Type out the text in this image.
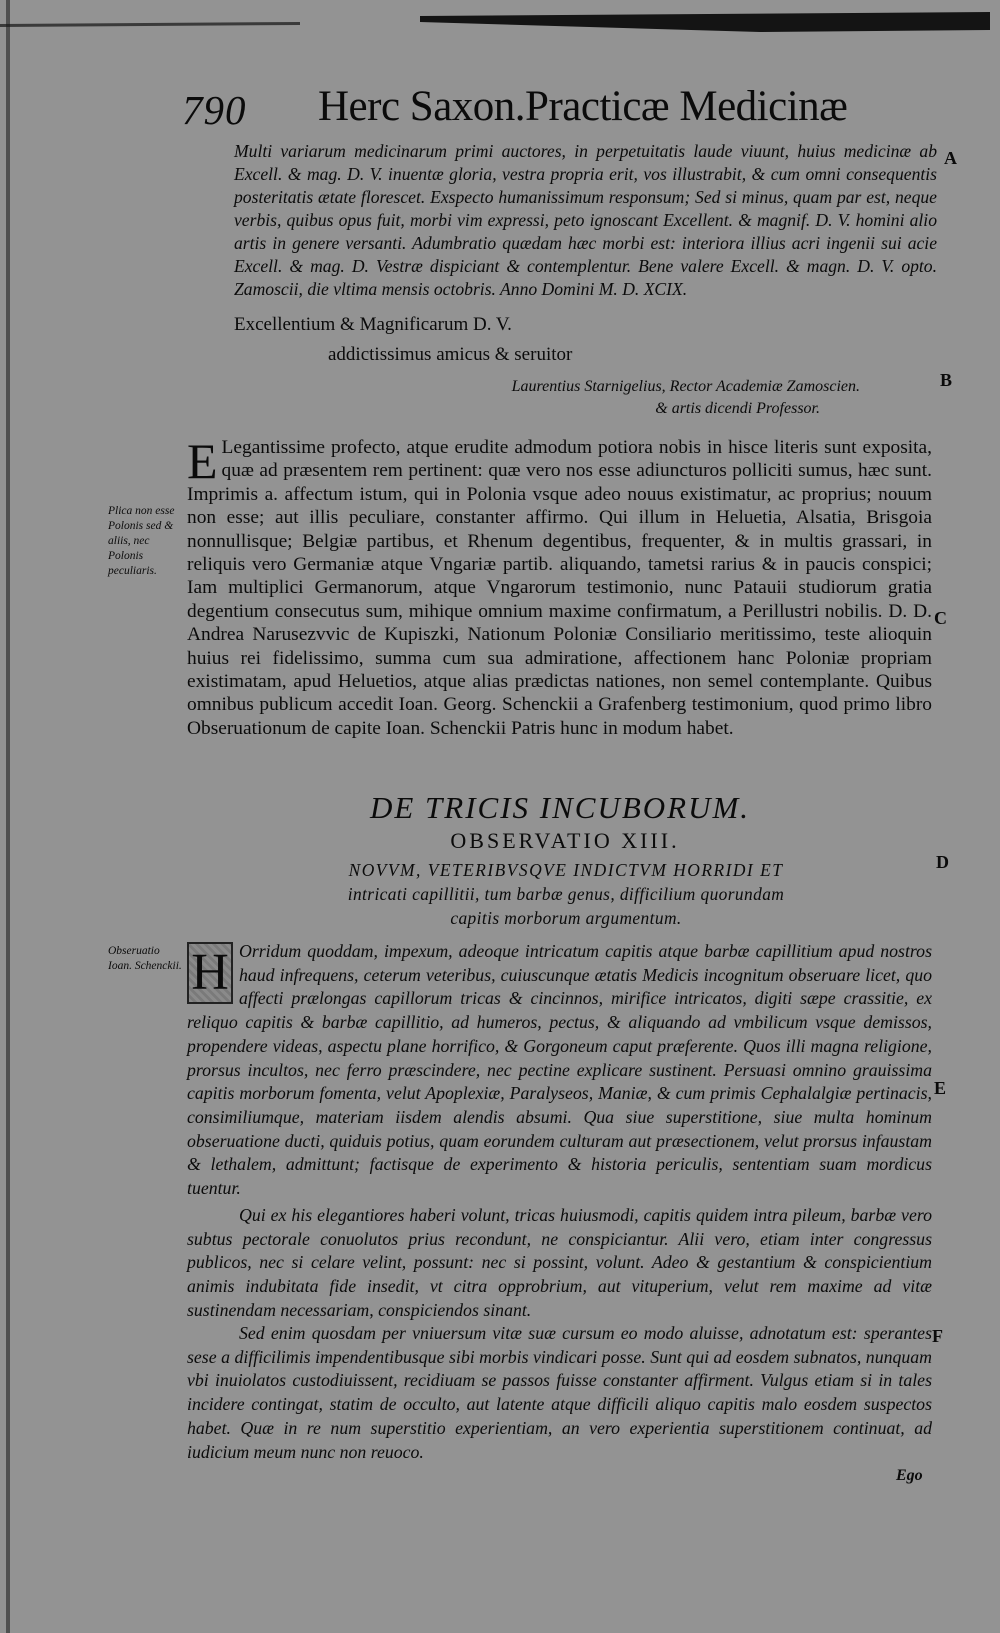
790 Herc Saxon.Practicæ Medicinæ

Multi variarum medicinarum primi auctores, in perpetuitatis laude viuunt, huius medicinæ ab Excell. & mag. D. V. inuentæ gloria, vestra propria erit, vos illustrabit, & cum omni consequentis posteritatis ætate florescet. Exspecto humanissimum responsum; Sed si minus, quam par est, neque verbis, quibus opus fuit, morbi vim expressi, peto ignoscant Excellent. & magnif. D. V. homini alio artis in genere versanti. Adumbratio quædam hæc morbi est: interiora illius acri ingenii sui acie Excell. & mag. D. Vestræ dispiciant & contemplentur. Bene valere Excell. & magn. D. V. opto. Zamoscii, die vltima mensis octobris. Anno Domini M. D. XCIX.

Excellentium & Magnificarum D. V.
addictissimus amicus & seruitor
Laurentius Starnigelius, Rector Academiæ Zamoscien.
& artis dicendi Professor.
E Legantissime profecto, atque erudite admodum potiora nobis in hisce literis sunt exposita, quæ ad præsentem rem pertinent: quæ vero nos esse adiuncturos polliciti sumus, hæc sunt. Imprimis a. affectum istum, qui in Polonia vsque adeo nouus existimatur, ac proprius; nouum non esse; aut illis peculiare, constanter affirmo. Qui illum in Heluetia, Alsatia, Brisgoia nonnullisque; Belgiæ partibus, et Rhenum degentibus, frequenter, & in multis grassari, in reliquis vero Germaniæ atque Vngariæ partib. aliquando, tametsi rarius & in paucis conspici; Iam multiplici Germanorum, atque Vngarorum testimonio, nunc Patauii studiorum gratia degentium consecutus sum, mihique omnium maxime confirmatum, a Perillustri nobilis. D. D. Andrea Narusezvvic de Kupiszki, Nationum Poloniæ Consiliario meritissimo, teste alioquin huius rei fidelissimo, summa cum sua admiratione, affectionem hanc Poloniæ propriam existimatam, apud Heluetios, atque alias prædictas nationes, non semel contemplante. Quibus omnibus publicum accedit Ioan. Georg. Schenckii a Grafenberg testimonium, quod primo libro Obseruationum de capite Ioan. Schenckii Patris hunc in modum habet.
Plica non esse Polonis sed & aliis, nec Polonis peculiaris.
Obseruatio Ioan. Schenckii.
A
B
C
D
E
F
DE TRICIS INCUBORUM.
OBSERVATIO XIII.
NOVVM, VETERIBVSQVE INDICTVM HORRIDI ET
intricati capillitii, tum barbæ genus, difficilium quorundam capitis morborum argumentum.
H Orridum quoddam, impexum, adeoque intricatum capitis atque barbæ capillitium apud nostros haud infrequens, ceterum veteribus, cuiuscunque ætatis Medicis incognitum obseruare licet, quo affecti prælongas capillorum tricas & cincinnos, mirifice intricatos, digiti sæpe crassitie, ex reliquo capitis & barbæ capillitio, ad humeros, pectus, & aliquando ad vmbilicum vsque demissos, propendere videas, aspectu plane horrifico, & Gorgoneum caput præferente. Quos illi magna religione, prorsus incultos, nec ferro præscindere, nec pectine explicare sustinent. Persuasi omnino grauissima capitis morborum fomenta, velut Apoplexiæ, Paralyseos, Maniæ, & cum primis Cephalalgiæ pertinacis, consimiliumque, materiam iisdem alendis absumi. Qua siue superstitione, siue multa hominum obseruatione ducti, quiduis potius, quam eorundem culturam aut præsectionem, velut prorsus infaustam & lethalem, admittunt; factisque de experimento & historia periculis, sententiam suam mordicus tuentur.

Qui ex his elegantiores haberi volunt, tricas huiusmodi, capitis quidem intra pileum, barbæ vero subtus pectorale conuolutos prius recondunt, ne conspiciantur. Alii vero, etiam inter congressus publicos, nec si celare velint, possunt: nec si possint, volunt. Adeo & gestantium & conspicientium animis indubitata fide insedit, vt citra opprobrium, aut vituperium, velut rem maxime ad vitæ sustinendam necessariam, conspiciendos sinant.

Sed enim quosdam per vniuersum vitæ suæ cursum eo modo aluisse, adnotatum est: sperantes sese a difficilimis impendentibusque sibi morbis vindicari posse. Sunt qui ad eosdem subnatos, nunquam vbi inuiolatos custodiuissent, recidiuam se passos fuisse constanter affirment. Vulgus etiam si in tales incidere contingat, statim de occulto, aut latente atque difficili aliquo capitis malo eosdem suspectos habet. Quæ in re num superstitio experientiam, an vero experientia superstitionem continuat, ad iudicium meum nunc non reuoco.

Ego
